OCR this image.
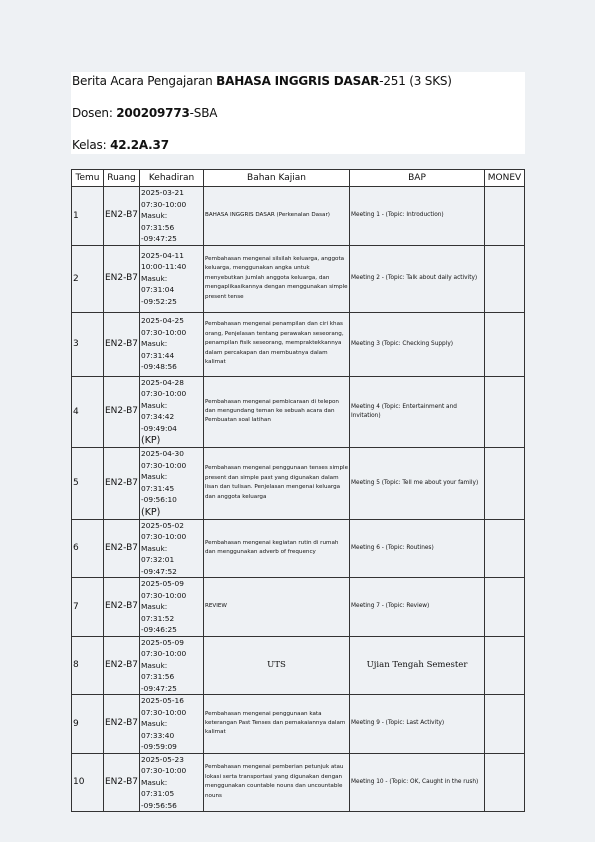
Berita Acara Pengajaran BAHASA INGGRIS DASAR-251 (3 SKS)
Dosen: 200209773-SBA
Kelas: 42.2A.37
Temu	Ruang	Kehadiran	Bahan Kajian	BAP	MONEV
1	EN2-B7	2025-03-21
07:30-10:00
Masuk: 07:31:56
-09:47:25	BAHASA INGGRIS DASAR (Perkenalan Dasar)	Meeting 1 - (Topic: Introduction)	
2	EN2-B7	2025-04-11
10:00-11:40
Masuk: 07:31:04
-09:52:25	Pembahasan mengenai silsilah keluarga, anggota keluarga, menggunakan angka untuk menyebutkan jumlah anggota keluarga, dan mengaplikasikannya dengan menggunakan simple present tense	Meeting 2 - (Topic: Talk about daily activity)	
3	EN2-B7	2025-04-25
07:30-10:00
Masuk: 07:31:44
-09:48:56	Pembahasan mengenai penampilan dan ciri khas orang, Penjelasan tentang perawakan seseorang, penampilan fisik seseorang, mempraktekkannya dalam percakapan dan membuatnya dalam kalimat	Meeting 3 (Topic: Checking Supply)	
4	EN2-B7	2025-04-28
07:30-10:00
Masuk: 07:34:42
-09:49:04
(KP)	Pembahasan mengenai pembicaraan di telepon dan mengundang teman ke sebuah acara dan Pembuatan soal latihan	Meeting 4 (Topic: Entertainment and Invitation)	
5	EN2-B7	2025-04-30
07:30-10:00
Masuk: 07:31:45
-09:56:10
(KP)	Pembahasan mengenai penggunaan tenses simple present dan simple past yang digunakan dalam lisan dan tulisan. Penjelasan mengenai keluarga dan anggota keluarga	Meeting 5 (Topic: Tell me about your family)	
6	EN2-B7	2025-05-02
07:30-10:00
Masuk: 07:32:01
-09:47:52	Pembahasan mengenai kegiatan rutin di rumah dan menggunakan adverb of frequency	Meeting 6 - (Topic: Routines)	
7	EN2-B7	2025-05-09
07:30-10:00
Masuk: 07:31:52
-09:46:25	REVIEW	Meeting 7 - (Topic: Review)	
8	EN2-B7	2025-05-09
07:30-10:00
Masuk: 07:31:56
-09:47:25	UTS	Ujian Tengah Semester	
9	EN2-B7	2025-05-16
07:30-10:00
Masuk: 07:33:40
-09:59:09	Pembahasan mengenai penggunaan kata keterangan Past Tenses dan pemakaiannya dalam kalimat	Meeting 9 - (Topic: Last Activity)	
10	EN2-B7	2025-05-23
07:30-10:00
Masuk: 07:31:05
-09:56:56	Pembahasan mengenai pemberian petunjuk atau lokasi serta transportasi yang digunakan dengan menggunakan countable nouns dan uncountable nouns	Meeting 10 - (Topic: OK, Caught in the rush)	
